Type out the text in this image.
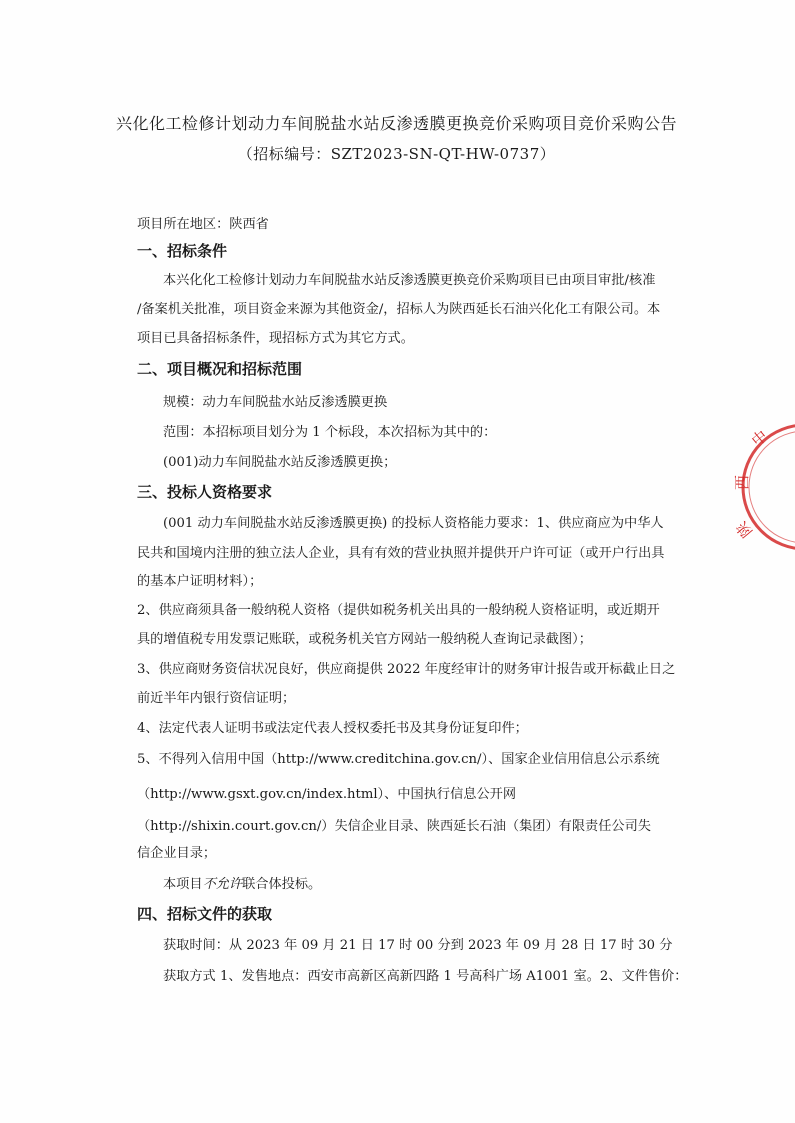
兴化化工检修计划动力车间脱盐水站反渗透膜更换竞价采购项目竞价采购公告
（招标编号：SZT2023-SN-QT-HW-0737）
项目所在地区：陕西省
一、招标条件
本兴化化工检修计划动力车间脱盐水站反渗透膜更换竞价采购项目已由项目审批/核准
/备案机关批准，项目资金来源为其他资金/，招标人为陕西延长石油兴化化工有限公司。本
项目已具备招标条件，现招标方式为其它方式。
二、项目概况和招标范围
规模：动力车间脱盐水站反渗透膜更换
范围：本招标项目划分为 1 个标段，本次招标为其中的：
(001)动力车间脱盐水站反渗透膜更换；
三、投标人资格要求
(001 动力车间脱盐水站反渗透膜更换) 的投标人资格能力要求：1、供应商应为中华人
民共和国境内注册的独立法人企业，具有有效的营业执照并提供开户许可证（或开户行出具
的基本户证明材料）；
2、供应商须具备一般纳税人资格（提供如税务机关出具的一般纳税人资格证明，或近期开
具的增值税专用发票记账联，或税务机关官方网站一般纳税人查询记录截图）；
3、供应商财务资信状况良好，供应商提供 2022 年度经审计的财务审计报告或开标截止日之
前近半年内银行资信证明；
4、法定代表人证明书或法定代表人授权委托书及其身份证复印件；
5、不得列入信用中国（http://www.creditchina.gov.cn/）、国家企业信用信息公示系统
（http://www.gsxt.gov.cn/index.html）、中国执行信息公开网
（http://shixin.court.gov.cn/）失信企业目录、陕西延长石油（集团）有限责任公司失
信企业目录；
本项目不允许联合体投标。
四、招标文件的获取
获取时间：从 2023 年 09 月 21 日 17 时 00 分到 2023 年 09 月 28 日 17 时 30 分
获取方式 1、发售地点：西安市高新区高新四路 1 号高科广场 A1001 室。2、文件售价：
中
西
陕
